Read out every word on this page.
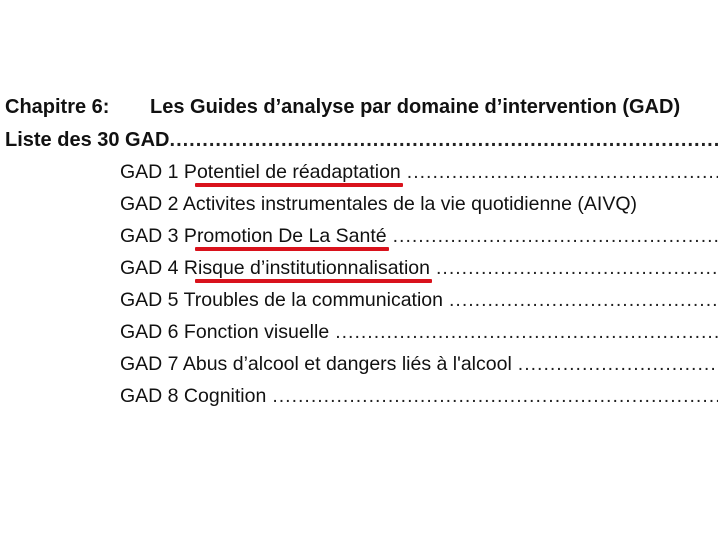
Chapitre 6: Les Guides d’analyse par domaine d’intervention (GAD)
Liste des 30 GAD
.....
GAD 1 Potentiel de réadaptation
.....
GAD 2 Activites instrumentales de la vie quotidienne (AIVQ)
GAD 3 Promotion De La Santé
.....
GAD 4 Risque d’institutionnalisation
.....
GAD 5 Troubles de la communication
.....
GAD 6 Fonction visuelle
.....
GAD 7 Abus d’alcool et dangers liés à l'alcool
.....
GAD 8 Cognition
.....
